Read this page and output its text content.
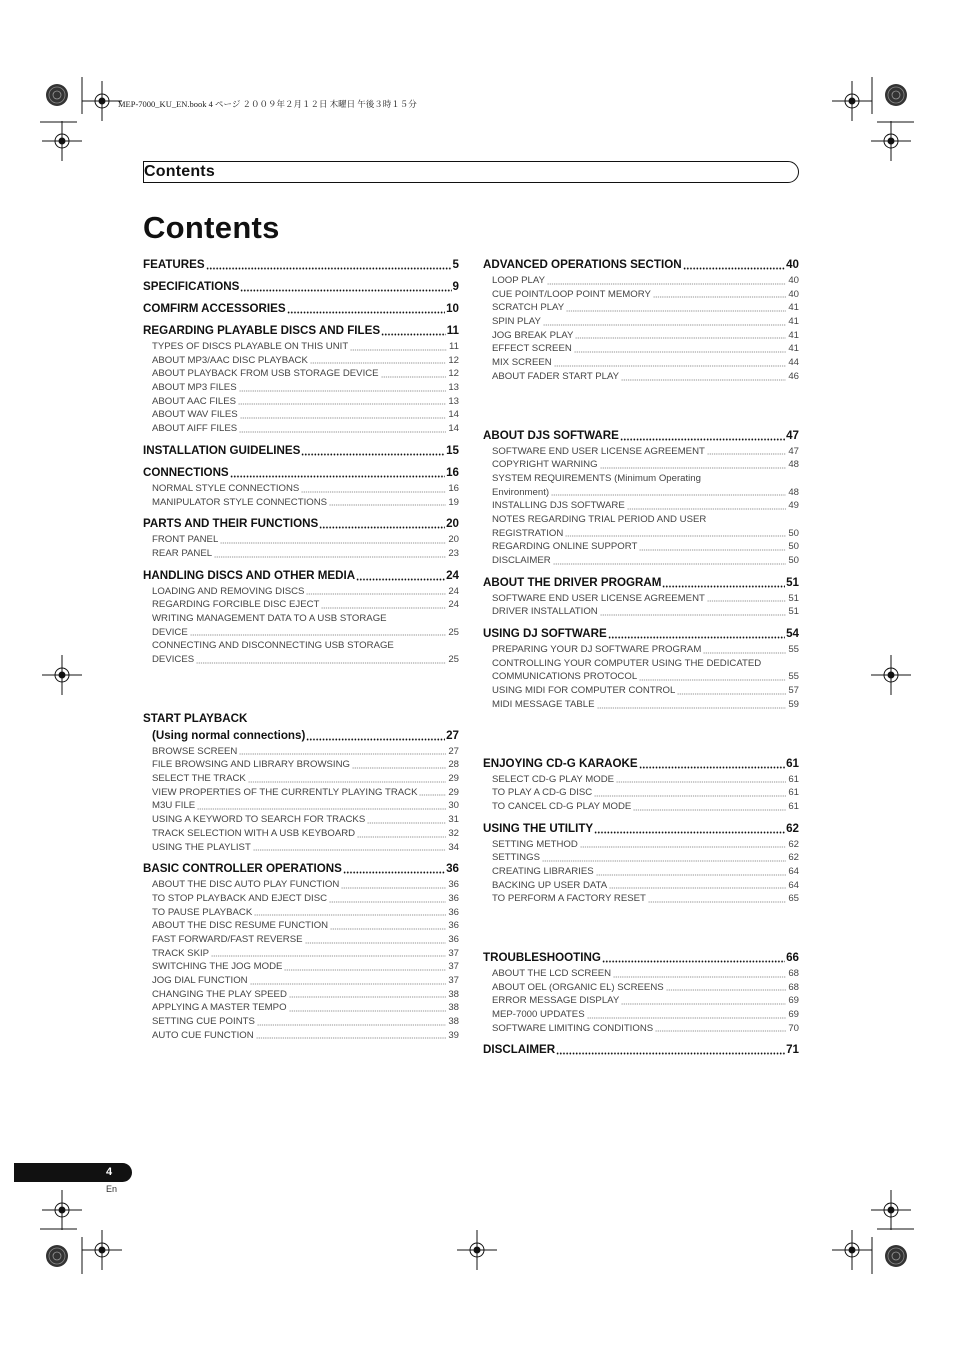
MEP-7000_KU_EN.book 4 ページ ２００９年２月１２日 木曜日 午後３時１５分
Contents
Contents
FEATURES	5
SPECIFICATIONS	9
COMFIRM ACCESSORIES	10
REGARDING PLAYABLE DISCS AND FILES	11
TYPES OF DISCS PLAYABLE ON THIS UNIT	11
ABOUT MP3/AAC DISC PLAYBACK	12
ABOUT PLAYBACK FROM USB STORAGE DEVICE	12
ABOUT MP3 FILES	13
ABOUT AAC FILES	13
ABOUT WAV FILES	14
ABOUT AIFF FILES	14
INSTALLATION GUIDELINES	15
CONNECTIONS	16
NORMAL STYLE CONNECTIONS	16
MANIPULATOR STYLE CONNECTIONS	19
PARTS AND THEIR FUNCTIONS	20
FRONT PANEL	20
REAR PANEL	23
HANDLING DISCS AND OTHER MEDIA	24
LOADING AND REMOVING DISCS	24
REGARDING FORCIBLE DISC EJECT	24
WRITING MANAGEMENT DATA TO A USB STORAGE
DEVICE	25
CONNECTING AND DISCONNECTING USB STORAGE
DEVICES	25
START PLAYBACK
(Using normal connections)	27
BROWSE SCREEN	27
FILE BROWSING AND LIBRARY BROWSING	28
SELECT THE TRACK	29
VIEW PROPERTIES OF THE CURRENTLY PLAYING TRACK	29
M3U FILE	30
USING A KEYWORD TO SEARCH FOR TRACKS	31
TRACK SELECTION WITH A USB KEYBOARD	32
USING THE PLAYLIST	34
BASIC CONTROLLER OPERATIONS	36
ABOUT THE DISC AUTO PLAY FUNCTION	36
TO STOP PLAYBACK AND EJECT DISC	36
TO PAUSE PLAYBACK	36
ABOUT THE DISC RESUME FUNCTION	36
FAST FORWARD/FAST REVERSE	36
TRACK SKIP	37
SWITCHING THE JOG MODE	37
JOG DIAL FUNCTION	37
CHANGING THE PLAY SPEED	38
APPLYING A MASTER TEMPO	38
SETTING CUE POINTS	38
AUTO CUE FUNCTION	39
ADVANCED OPERATIONS SECTION	40
LOOP PLAY	40
CUE POINT/LOOP POINT MEMORY	40
SCRATCH PLAY	41
SPIN PLAY	41
JOG BREAK PLAY	41
EFFECT SCREEN	41
MIX SCREEN	44
ABOUT FADER START PLAY	46
ABOUT DJS SOFTWARE	47
SOFTWARE END USER LICENSE AGREEMENT	47
COPYRIGHT WARNING	48
SYSTEM REQUIREMENTS (Minimum Operating
Environment)	48
INSTALLING DJS SOFTWARE	49
NOTES REGARDING TRIAL PERIOD AND USER
REGISTRATION	50
REGARDING ONLINE SUPPORT	50
DISCLAIMER	50
ABOUT THE DRIVER PROGRAM	51
SOFTWARE END USER LICENSE AGREEMENT	51
DRIVER INSTALLATION	51
USING DJ SOFTWARE	54
PREPARING YOUR DJ SOFTWARE PROGRAM	55
CONTROLLING YOUR COMPUTER USING THE DEDICATED
COMMUNICATIONS PROTOCOL	55
USING MIDI FOR COMPUTER CONTROL	57
MIDI MESSAGE TABLE	59
ENJOYING CD-G KARAOKE	61
SELECT CD-G PLAY MODE	61
TO PLAY A CD-G DISC	61
TO CANCEL CD-G PLAY MODE	61
USING THE UTILITY	62
SETTING METHOD	62
SETTINGS	62
CREATING LIBRARIES	64
BACKING UP USER DATA	64
TO PERFORM A FACTORY RESET	65
TROUBLESHOOTING	66
ABOUT THE LCD SCREEN	68
ABOUT OEL (ORGANIC EL) SCREENS	68
ERROR MESSAGE DISPLAY	69
MEP-7000 UPDATES	69
SOFTWARE LIMITING CONDITIONS	70
DISCLAIMER	71
4
En
